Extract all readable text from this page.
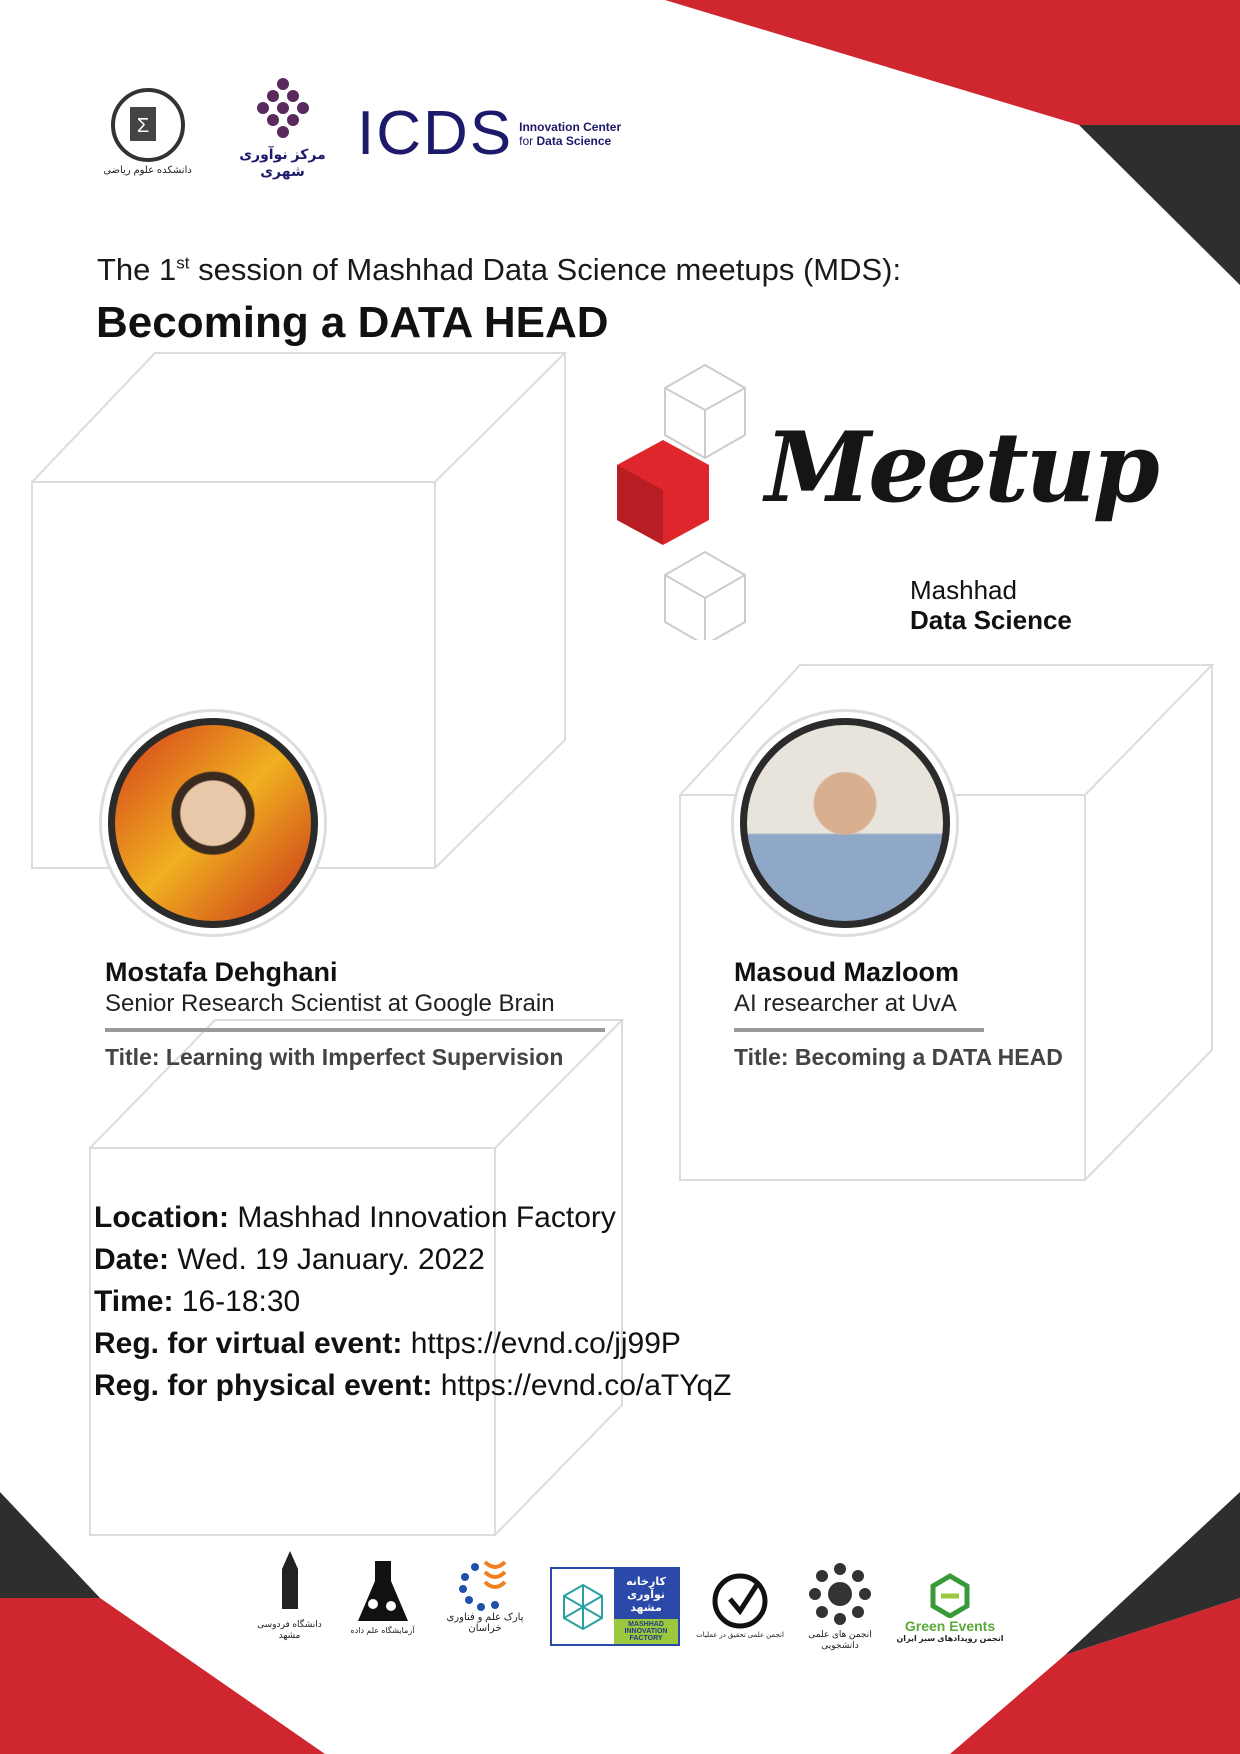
Σ
دانشکده علوم ریاضی
مرکز نوآوری شهری
ICDS Innovation Center
for Data Science
The 1st session of Mashhad Data Science meetups (MDS):
Becoming a DATA HEAD
Meetup
Mashhad
Data Science
Mostafa Dehghani
Senior Research Scientist at Google Brain
Title: Learning with Imperfect Supervision
Masoud Mazloom
AI researcher at UvA
Title: Becoming a DATA HEAD
Location: Mashhad Innovation Factory
Date: Wed. 19 January. 2022
Time: 16-18:30
Reg. for virtual event: https://evnd.co/jj99P
Reg. for physical event: https://evnd.co/aTYqZ
دانشگاه فردوسی مشهد	آزمایشگاه علم داده
پارک علم و فناوری خراسان
کارخانه نوآوری مشهد
MASHHAD INNOVATION FACTORY	انجمن علمی تحقیق در عملیات	انجمن های علمی دانشجویی
Green Events
انجمن رویدادهای سبز ایران
